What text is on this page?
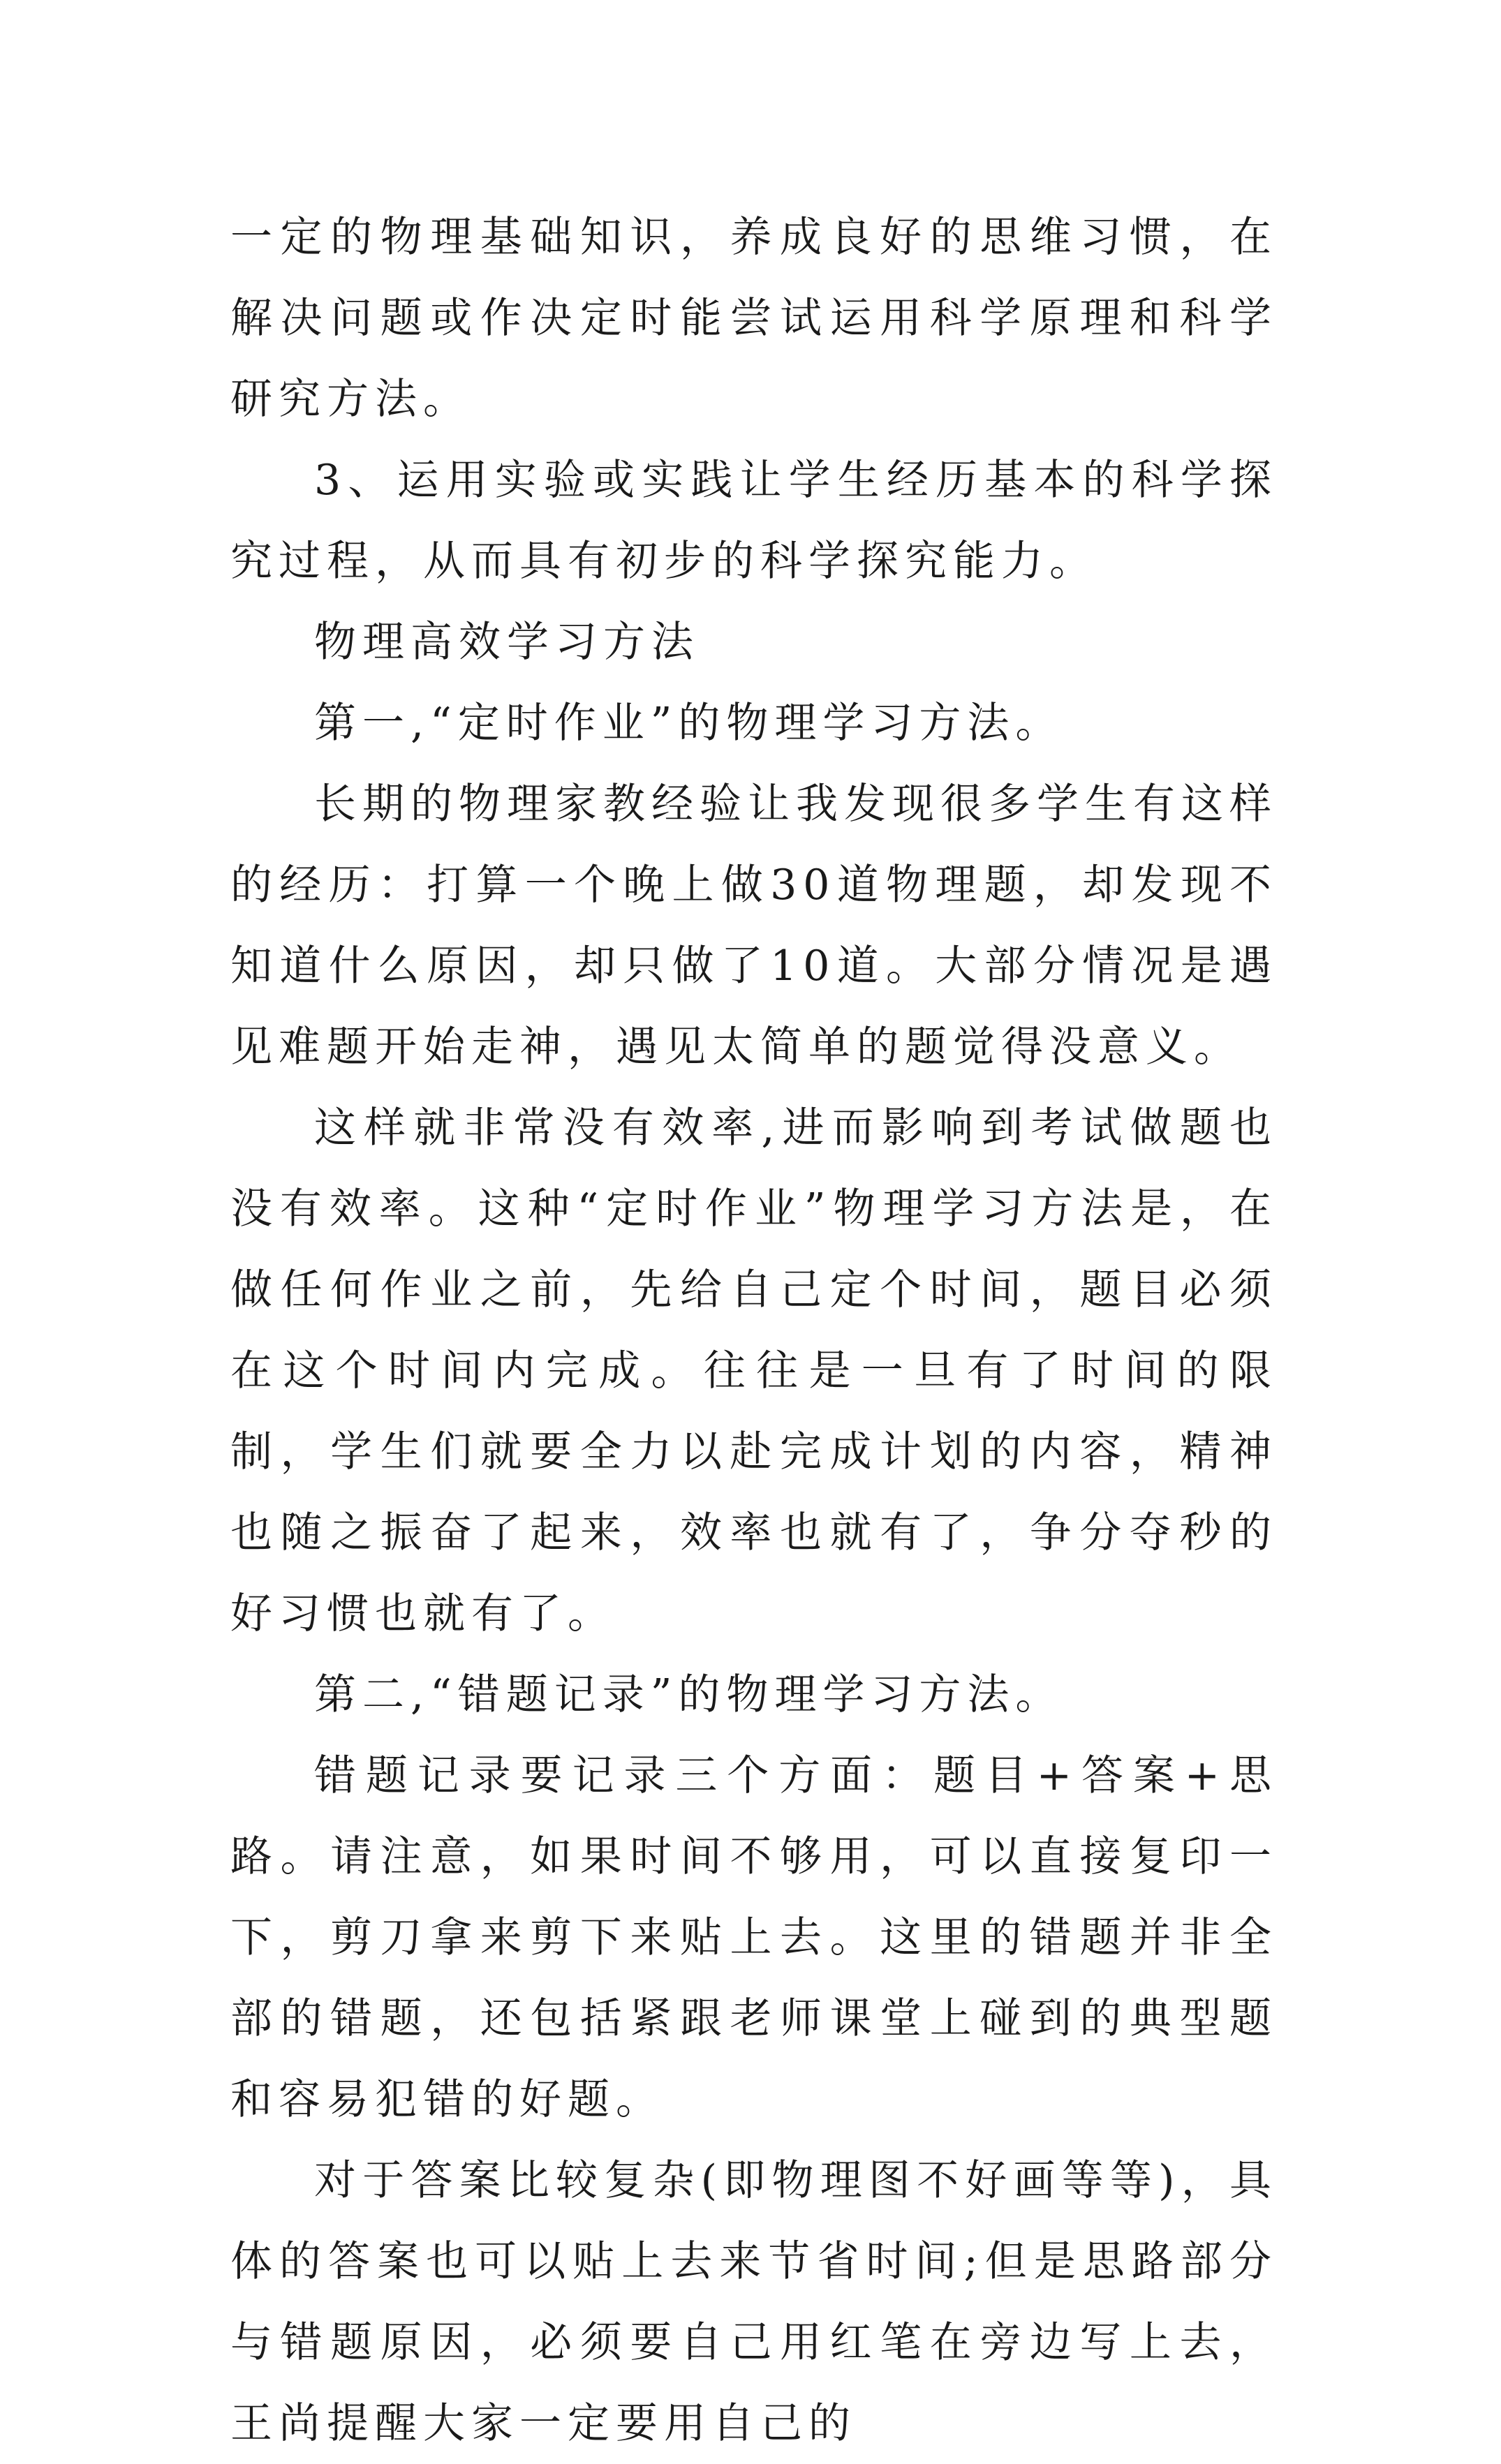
一定的物理基础知识，养成良好的思维习惯，在解决问题或作决定时能尝试运用科学原理和科学研究方法。

3、运用实验或实践让学生经历基本的科学探究过程，从而具有初步的科学探究能力。

物理高效学习方法

第一,“定时作业”的物理学习方法。

长期的物理家教经验让我发现很多学生有这样的经历：打算一个晚上做30道物理题，却发现不知道什么原因，却只做了10道。大部分情况是遇见难题开始走神，遇见太简单的题觉得没意义。

这样就非常没有效率,进而影响到考试做题也没有效率。这种“定时作业”物理学习方法是，在做任何作业之前，先给自己定个时间，题目必须在这个时间内完成。往往是一旦有了时间的限制，学生们就要全力以赴完成计划的内容，精神也随之振奋了起来，效率也就有了，争分夺秒的好习惯也就有了。

第二,“错题记录”的物理学习方法。

错题记录要记录三个方面：题目+答案+思路。请注意，如果时间不够用，可以直接复印一下，剪刀拿来剪下来贴上去。这里的错题并非全部的错题，还包括紧跟老师课堂上碰到的典型题和容易犯错的好题。

对于答案比较复杂(即物理图不好画等等)，具体的答案也可以贴上去来节省时间;但是思路部分与错题原因，必须要自己用红笔在旁边写上去，王尚提醒大家一定要用自己的
